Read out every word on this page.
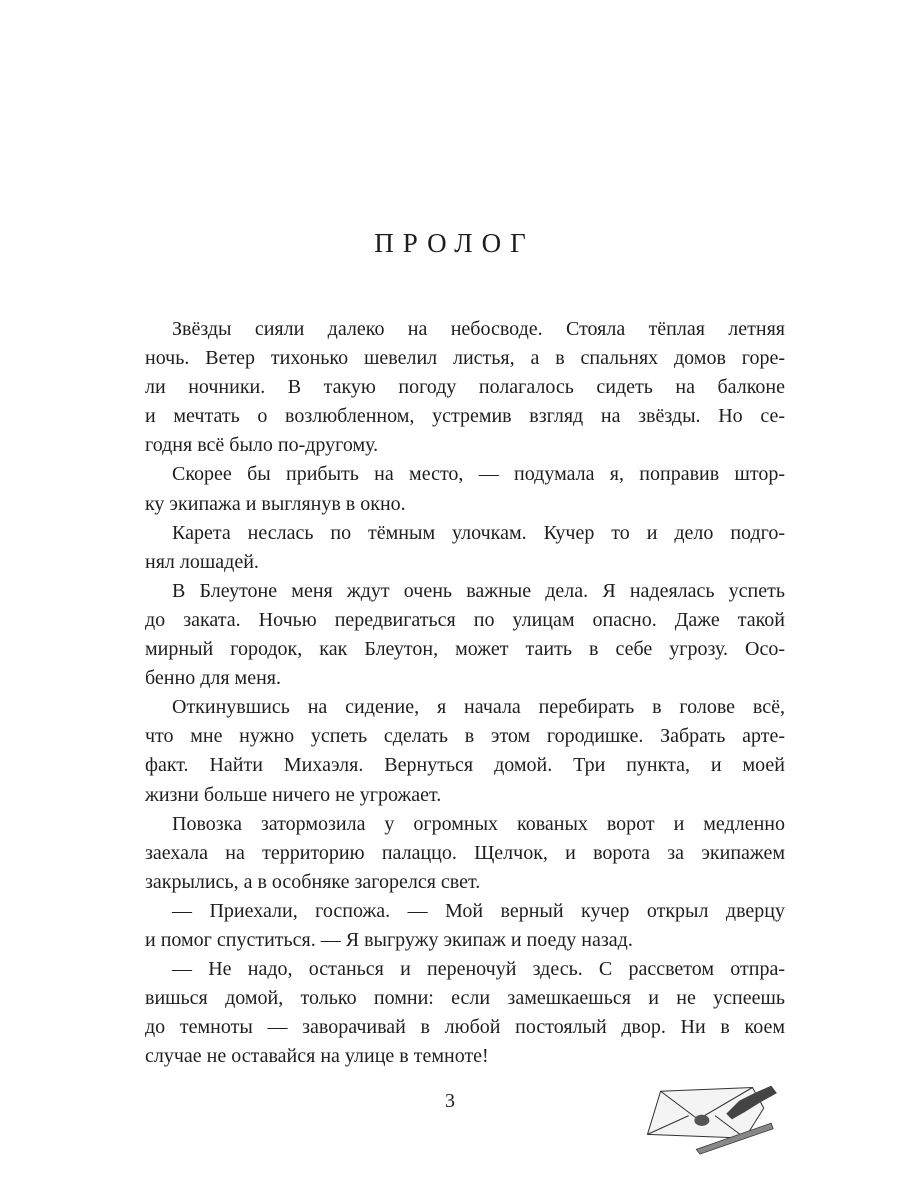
ПРОЛОГ
Звёзды сияли далеко на небосводе. Стояла тёплая летняя
ночь. Ветер тихонько шевелил листья, а в спальнях домов горе-
ли ночники. В такую погоду полагалось сидеть на балконе
и мечтать о возлюбленном, устремив взгляд на звёзды. Но се-
годня всё было по-другому.
Скорее бы прибыть на место, — подумала я, поправив штор-
ку экипажа и выглянув в окно.
Карета неслась по тёмным улочкам. Кучер то и дело подго-
нял лошадей.
В Блеутоне меня ждут очень важные дела. Я надеялась успеть
до заката. Ночью передвигаться по улицам опасно. Даже такой
мирный городок, как Блеутон, может таить в себе угрозу. Осо-
бенно для меня.
Откинувшись на сидение, я начала перебирать в голове всё,
что мне нужно успеть сделать в этом городишке. Забрать арте-
факт. Найти Михаэля. Вернуться домой. Три пункта, и моей
жизни больше ничего не угрожает.
Повозка затормозила у огромных кованых ворот и медленно
заехала на территорию палаццо. Щелчок, и ворота за экипажем
закрылись, а в особняке загорелся свет.
— Приехали, госпожа. — Мой верный кучер открыл дверцу
и помог спуститься. — Я выгружу экипаж и поеду назад.
— Не надо, останься и переночуй здесь. С рассветом отпра-
вишься домой, только помни: если замешкаешься и не успеешь
до темноты — заворачивай в любой постоялый двор. Ни в коем
случае не оставайся на улице в темноте!
3
